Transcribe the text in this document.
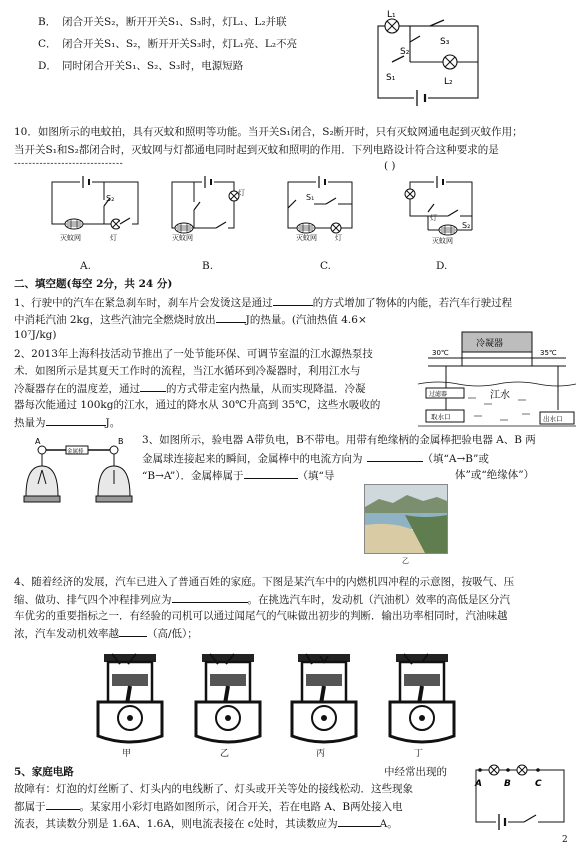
B． 闭合开关S₂，断开开关S₁、S₃时，灯L₁、L₂并联
C． 闭合开关S₁、S₂，断开开关S₃时，灯L₁亮、L₂不亮
D． 同时闭合开关S₁、S₂、S₃时，电源短路
L₁
S₂
S₃
S₁	L₂
10．如图所示的电蚊拍，具有灭蚊和照明等功能。当开关S₁闭合，S₂断开时，只有灭蚊网通电起到灭蚊作用；
当开关S₁和S₂都闭合时，灭蚊网与灯都通电同时起到灭蚊和照明的作用．下列电路设计符合这种要求的是
------------------------------	( )
S₂
灭蚊网	灯
灯
灭蚊网
S₁
灭蚊网	灯
灯
S₂
灭蚊网
A.	B.	C.	D.
二、填空题(每空 2分，共 24 分)
1、行驶中的汽车在紧急刹车时，刹车片会发烫这是通过	的方式增加了物体的内能，若汽车行驶过程
中消耗汽油 2kg，这些汽油完全燃烧时放出	J的热量。(汽油热值 4.6×
10⁷J/kg)
2、2013年上海科技活动节推出了一处节能环保、可调节室温的江水源热泵技
术．如图所示是其夏天工作时的流程，当江水循环到冷凝器时，利用江水与
冷凝器存在的温度差，通过 的方式带走室内热量，从而实现降温．冷凝
器每次能通过 100kg的江水，通过的降水从 30℃升高到 35℃，这些水吸收的
热量为	J。
冷凝器
30℃	35℃
过滤器
取水口	出水口
江水
A	B
金属棒
3、如图所示，验电器 A带负电，B不带电。用带有绝缘柄的金属棒把验电器 A、B 两
金属球连接起来的瞬间，金属棒中的电流方向为	（填“A→B”或
“B→A”）．金属棒属于	（填“导	体”或“绝缘体”）
乙
4、随着经济的发展，汽车已进入了普通百姓的家庭。下图是某汽车中的内燃机四冲程的示意图，按吸气、压
缩、做功、排气四个冲程排列应为	。在挑选汽车时，发动机（汽油机）效率的高低是区分汽
车优劣的重要指标之一．有经验的司机可以通过闻尾气的气味做出初步的判断．输出功率相同时，汽油味越
浓，汽车发动机效率越	（高/低）；
甲	乙	丙	丁
5、家庭电路	中经常出现的
故障有：灯泡的灯丝断了、灯头内的电线断了、灯头或开关等处的接线松动．这些现象
都属于	。某家用小彩灯电路如图所示，闭合开关，若在电路 A、B两处接入电
流表，其读数分别是 1.6A、1.6A，则电流表接在 c处时，其读数应为	A。
A B	C
2
